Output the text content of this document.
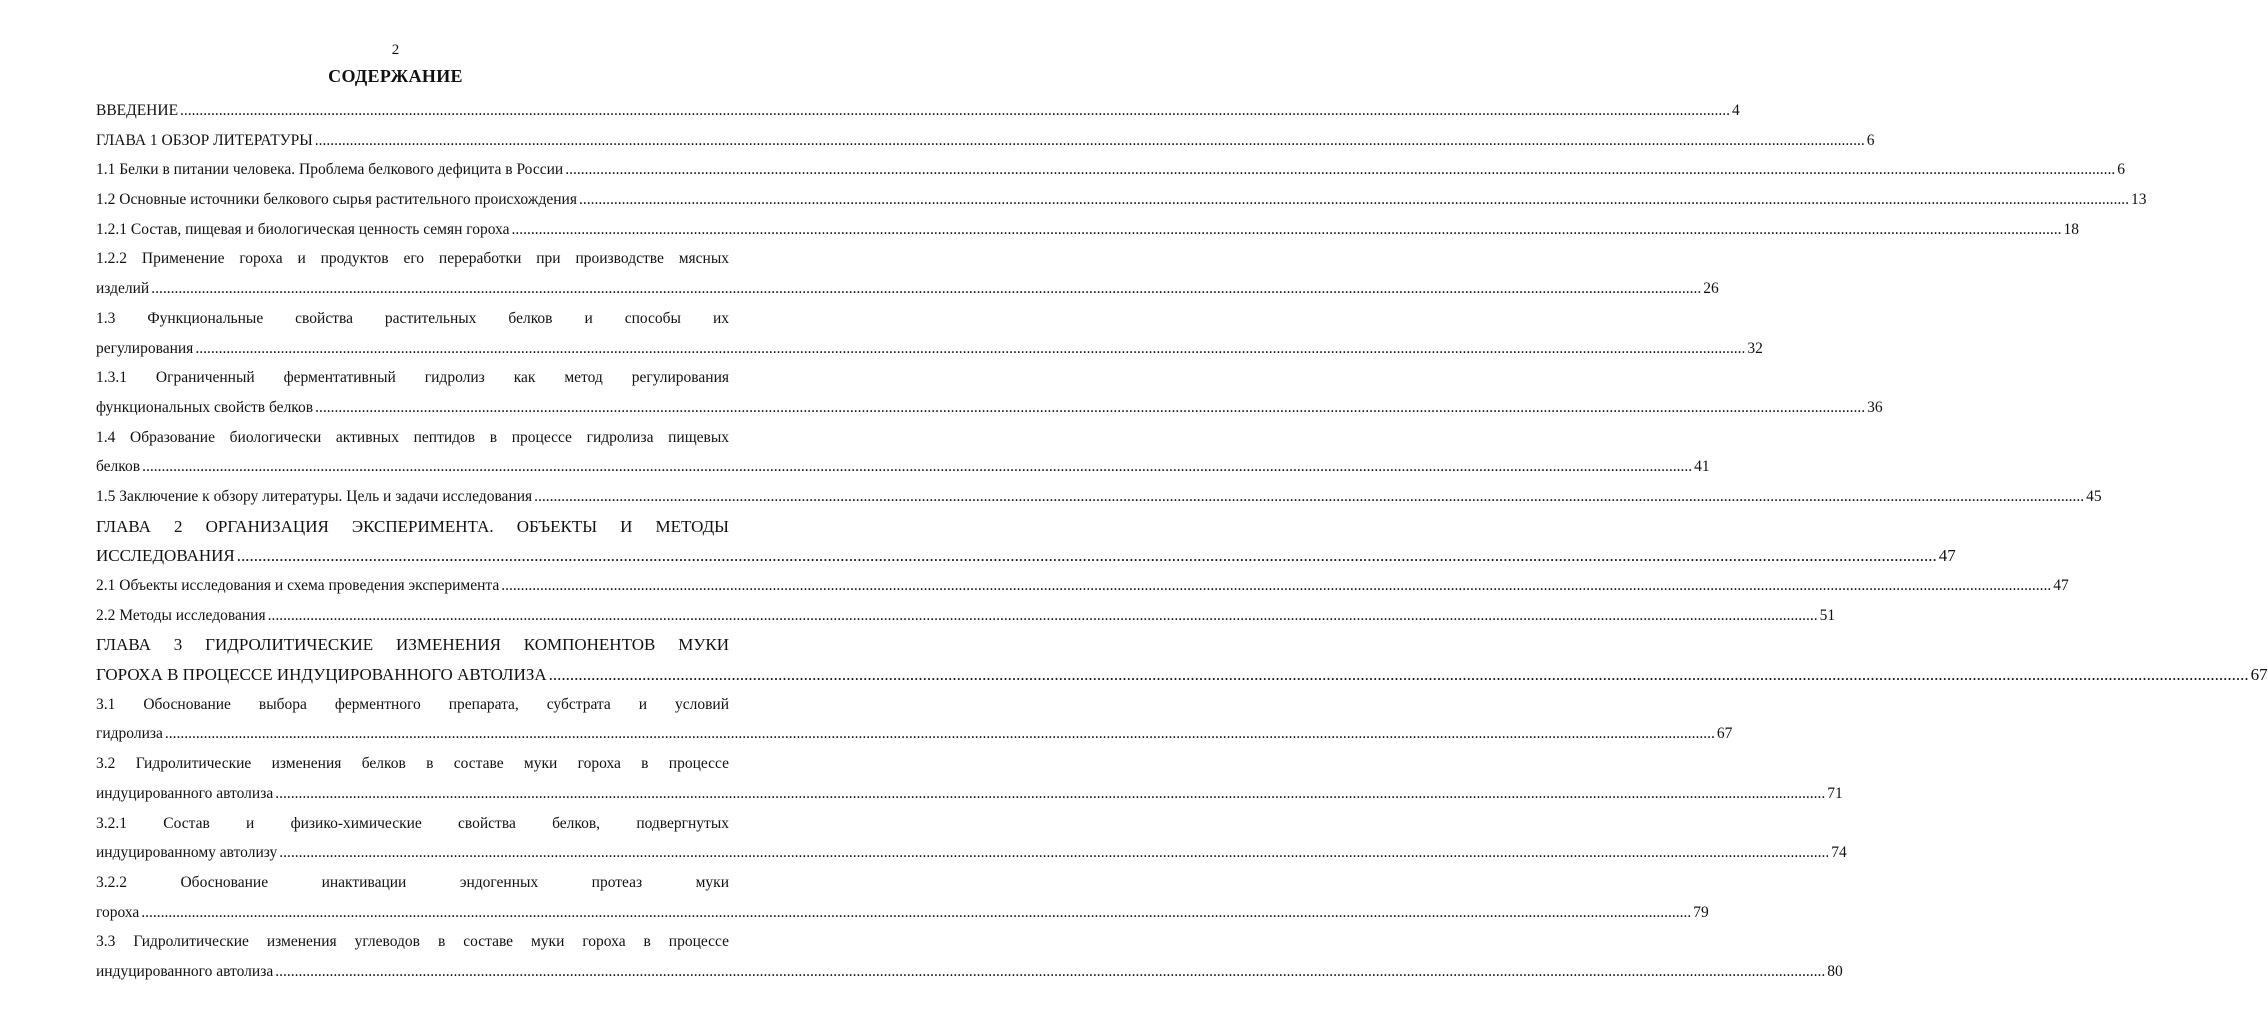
2
СОДЕРЖАНИЕ
ВВЕДЕНИЕ ................................................................................................................................................................................................................................................................................................................................................................................................................ 4
ГЛАВА 1 ОБЗОР ЛИТЕРАТУРЫ ................................................................................................................................................................................................................................................................................................................................................................................................................ 6
1.1 Белки в питании человека. Проблема белкового дефицита в России ................................................................................................................................................................................................................................................................................................................................................................................................................ 6
1.2 Основные источники белкового сырья растительного происхождения ................................................................................................................................................................................................................................................................................................................................................................................................................ 13
1.2.1 Состав, пищевая и биологическая ценность семян гороха ................................................................................................................................................................................................................................................................................................................................................................................................................ 18
1.2.2 Применение гороха и продуктов его переработки при производстве мясных
изделий ................................................................................................................................................................................................................................................................................................................................................................................................................ 26
1.3 Функциональные свойства растительных белков и способы их
регулирования ................................................................................................................................................................................................................................................................................................................................................................................................................ 32
1.3.1 Ограниченный ферментативный гидролиз как метод регулирования
функциональных свойств белков ................................................................................................................................................................................................................................................................................................................................................................................................................ 36
1.4 Образование биологически активных пептидов в процессе гидролиза пищевых
белков ................................................................................................................................................................................................................................................................................................................................................................................................................ 41
1.5 Заключение к обзору литературы. Цель и задачи исследования ................................................................................................................................................................................................................................................................................................................................................................................................................ 45
ГЛАВА 2 ОРГАНИЗАЦИЯ ЭКСПЕРИМЕНТА. ОБЪЕКТЫ И МЕТОДЫ
ИССЛЕДОВАНИЯ ................................................................................................................................................................................................................................................................................................................................................................................................................ 47
2.1 Объекты исследования и схема проведения эксперимента ................................................................................................................................................................................................................................................................................................................................................................................................................ 47
2.2 Методы исследования ................................................................................................................................................................................................................................................................................................................................................................................................................ 51
ГЛАВА 3 ГИДРОЛИТИЧЕСКИЕ ИЗМЕНЕНИЯ КОМПОНЕНТОВ МУКИ
ГОРОХА В ПРОЦЕССЕ ИНДУЦИРОВАННОГО АВТОЛИЗА ................................................................................................................................................................................................................................................................................................................................................................................................................ 67
3.1 Обоснование выбора ферментного препарата, субстрата и условий
гидролиза ................................................................................................................................................................................................................................................................................................................................................................................................................ 67
3.2 Гидролитические изменения белков в составе муки гороха в процессе
индуцированного автолиза ................................................................................................................................................................................................................................................................................................................................................................................................................ 71
3.2.1 Состав и физико-химические свойства белков, подвергнутых
индуцированному автолизу ................................................................................................................................................................................................................................................................................................................................................................................................................ 74
3.2.2 Обоснование инактивации эндогенных протеаз муки
гороха ................................................................................................................................................................................................................................................................................................................................................................................................................ 79
3.3 Гидролитические изменения углеводов в составе муки гороха в процессе
индуцированного автолиза ................................................................................................................................................................................................................................................................................................................................................................................................................ 80
